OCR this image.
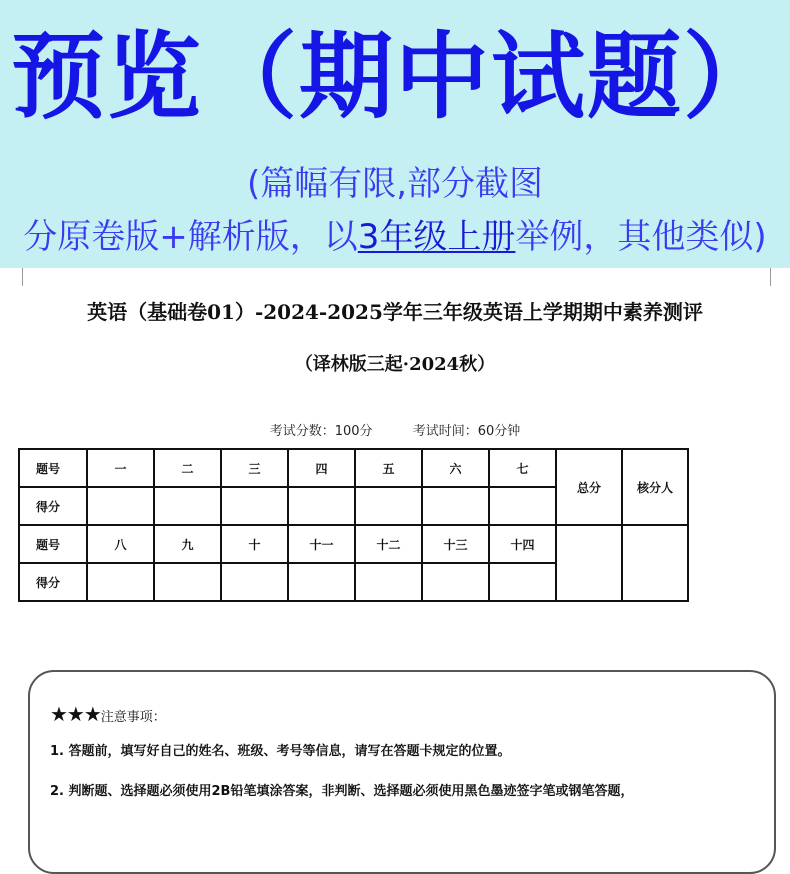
预览（期中试题）
(篇幅有限,部分截图
分原卷版+解析版，以3年级上册举例，其他类似)
英语（基础卷01）-2024-2025学年三年级英语上学期期中素养测评
（译林版三起·2024秋）
考试分数：100分	考试时间：60分钟
题号	一	二	三	四	五	六	七	总分	核分人
得分									
题号	八	九	十	十一	十二	十三	十四		
得分									
★★★注意事项：
1. 答题前，填写好自己的姓名、班级、考号等信息，请写在答题卡规定的位置。
2. 判断题、选择题必须使用2B铅笔填涂答案，非判断、选择题必须使用黑色墨迹签字笔或钢笔答题，
